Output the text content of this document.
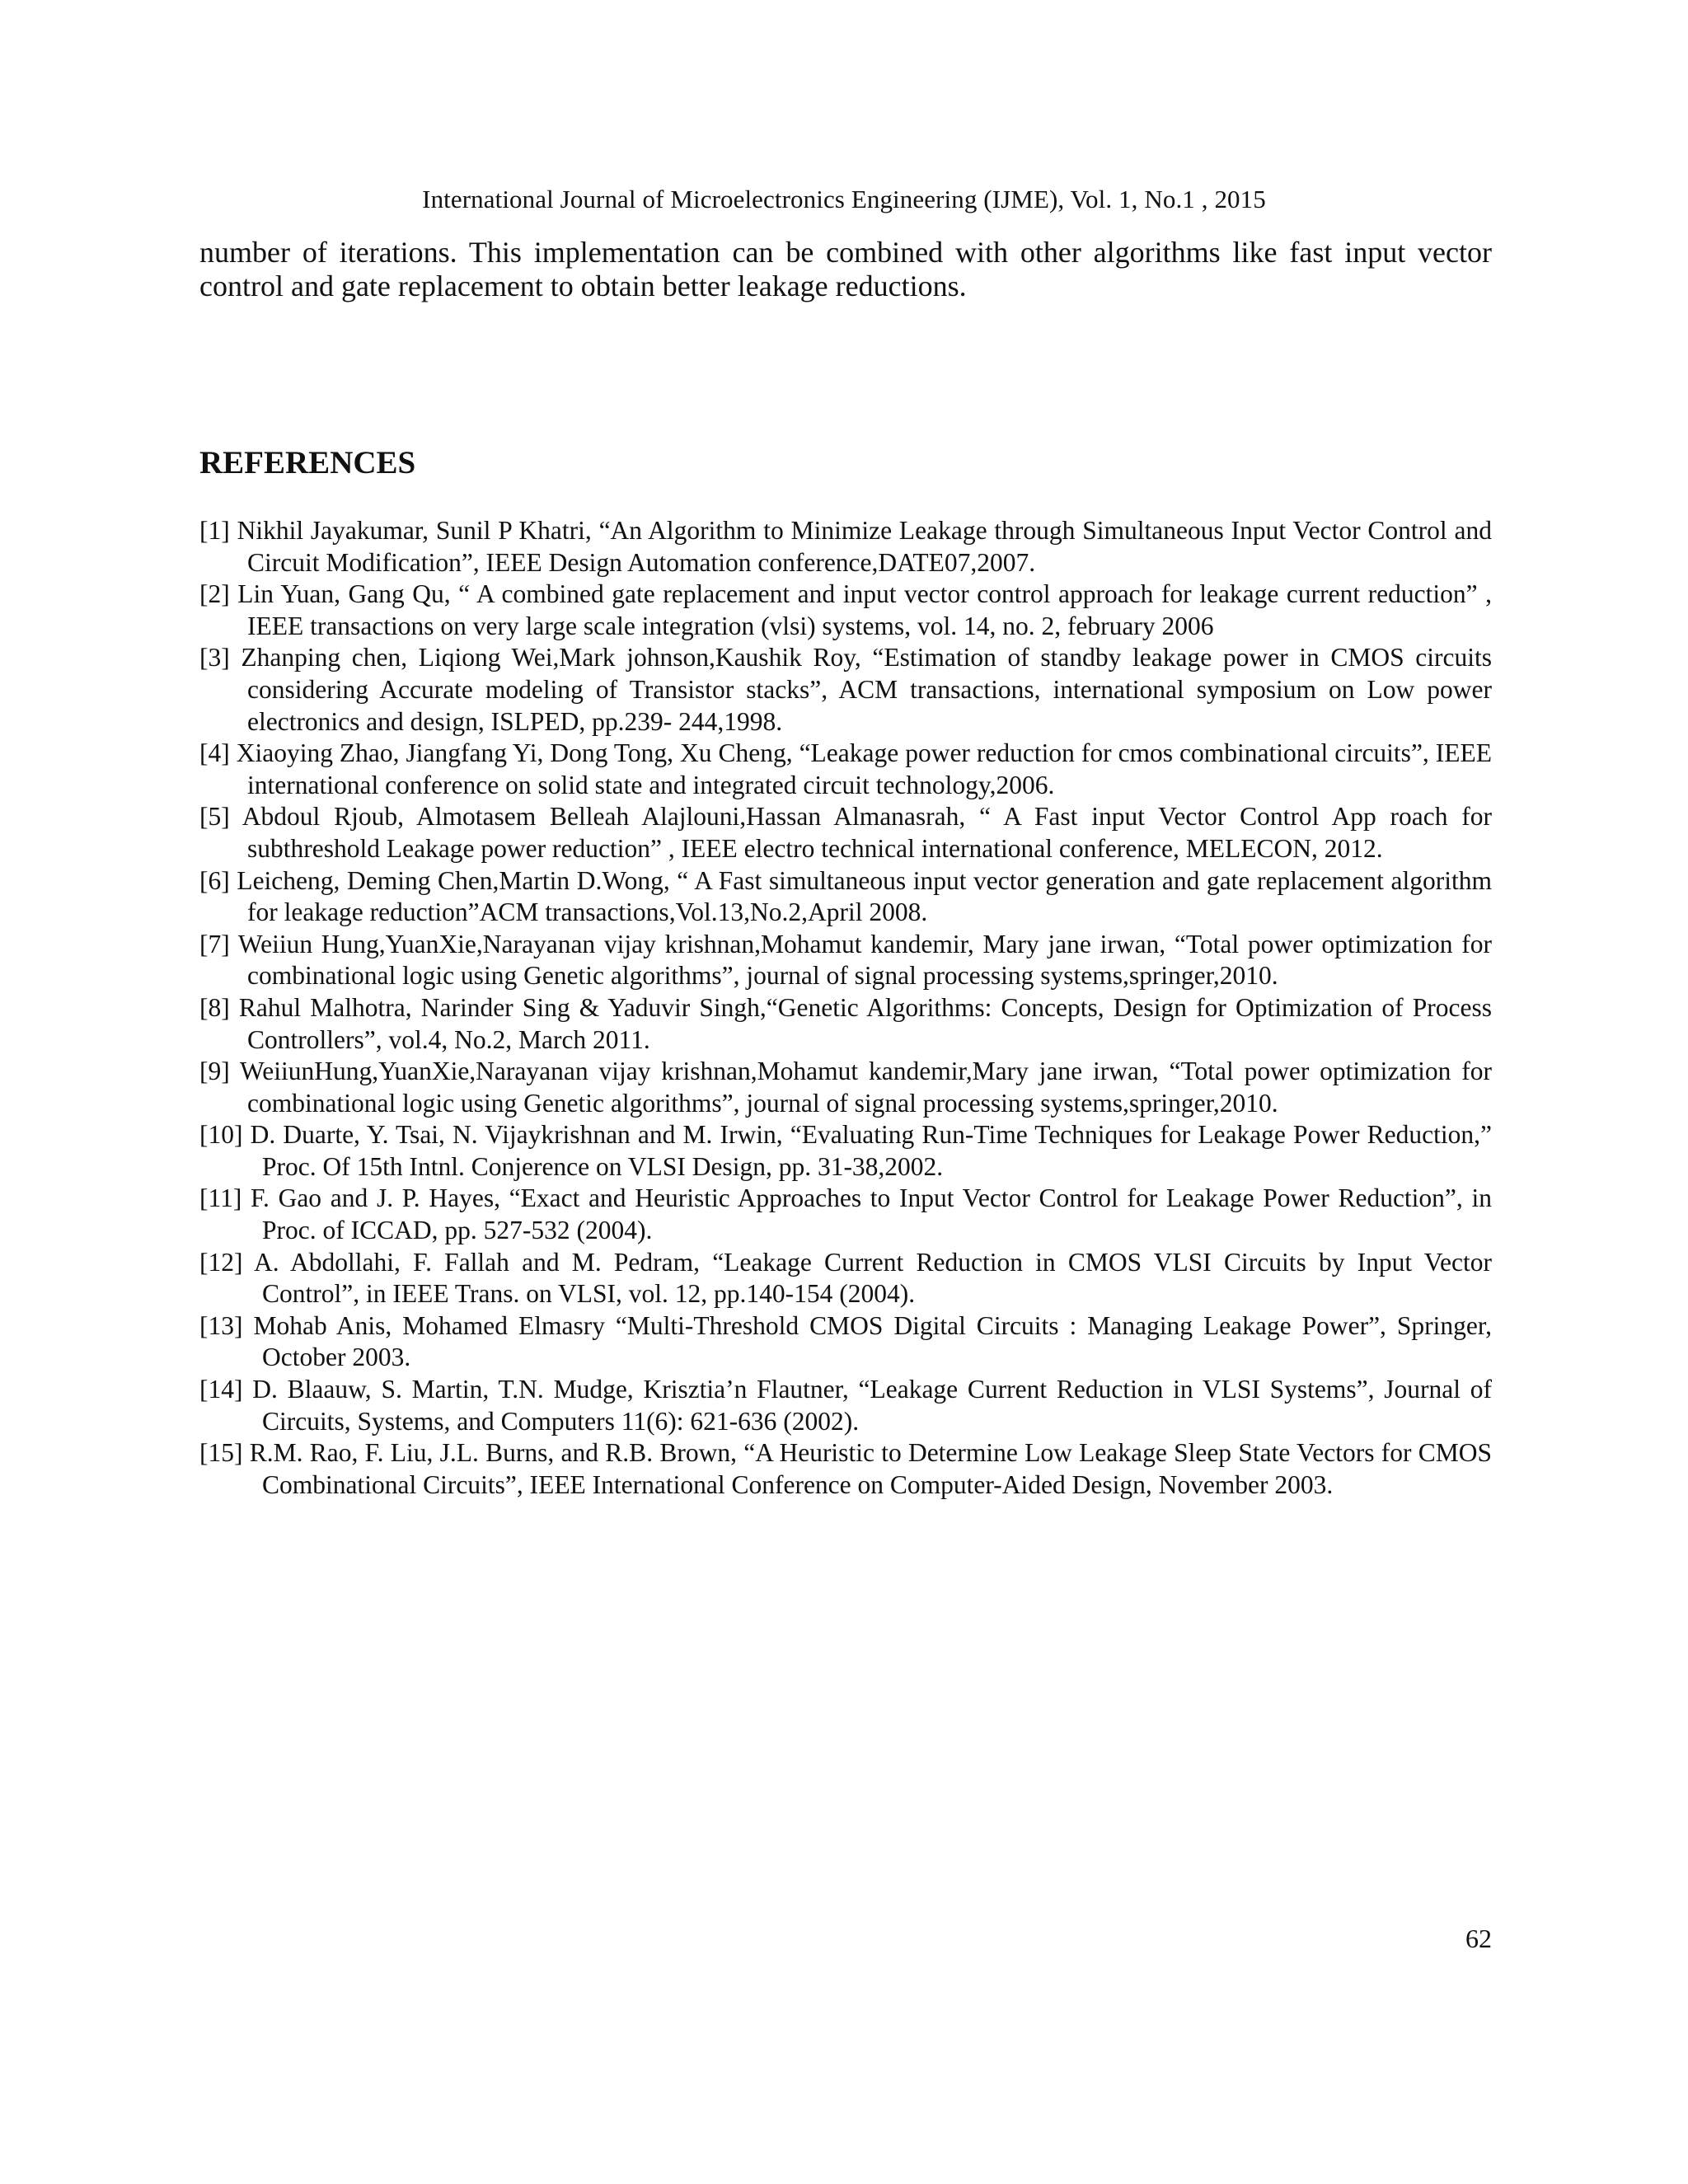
International Journal of Microelectronics Engineering (IJME), Vol. 1, No.1 , 2015

number of iterations. This implementation can be combined with other algorithms like fast input vector control and gate replacement to obtain better leakage reductions.

REFERENCES
[1] Nikhil Jayakumar, Sunil P Khatri, “An Algorithm to Minimize Leakage through Simultaneous Input Vector Control and Circuit Modification”, IEEE Design Automation conference,DATE07,2007.
[2] Lin Yuan, Gang Qu, “ A combined gate replacement and input vector control approach for leakage current reduction” , IEEE transactions on very large scale integration (vlsi) systems, vol. 14, no. 2, february 2006
[3] Zhanping chen, Liqiong Wei,Mark johnson,Kaushik Roy, “Estimation of standby leakage power in CMOS circuits considering Accurate modeling of Transistor stacks”, ACM transactions, international symposium on Low power electronics and design, ISLPED, pp.239- 244,1998.
[4] Xiaoying Zhao, Jiangfang Yi, Dong Tong, Xu Cheng, “Leakage power reduction for cmos combinational circuits”, IEEE international conference on solid state and integrated circuit technology,2006.
[5] Abdoul Rjoub, Almotasem Belleah Alajlouni,Hassan Almanasrah, “ A Fast input Vector Control App roach for subthreshold Leakage power reduction” , IEEE electro technical international conference, MELECON, 2012.
[6] Leicheng, Deming Chen,Martin D.Wong, “ A Fast simultaneous input vector generation and gate replacement algorithm for leakage reduction”ACM transactions,Vol.13,No.2,April 2008.
[7] Weiiun Hung,YuanXie,Narayanan vijay krishnan,Mohamut kandemir, Mary jane irwan, “Total power optimization for combinational logic using Genetic algorithms”, journal of signal processing systems,springer,2010.
[8] Rahul Malhotra, Narinder Sing & Yaduvir Singh,“Genetic Algorithms: Concepts, Design for Optimization of Process Controllers”, vol.4, No.2, March 2011.
[9] WeiiunHung,YuanXie,Narayanan vijay krishnan,Mohamut kandemir,Mary jane irwan, “Total power optimization for combinational logic using Genetic algorithms”, journal of signal processing systems,springer,2010.
[10] D. Duarte, Y. Tsai, N. Vijaykrishnan and M. Irwin, “Evaluating Run-Time Techniques for Leakage Power Reduction,” Proc. Of 15th Intnl. Conjerence on VLSI Design, pp. 31-38,2002.
[11] F. Gao and J. P. Hayes, “Exact and Heuristic Approaches to Input Vector Control for Leakage Power Reduction”, in Proc. of ICCAD, pp. 527-532 (2004).
[12] A. Abdollahi, F. Fallah and M. Pedram, “Leakage Current Reduction in CMOS VLSI Circuits by Input Vector Control”, in IEEE Trans. on VLSI, vol. 12, pp.140-154 (2004).
[13] Mohab Anis, Mohamed Elmasry “Multi-Threshold CMOS Digital Circuits : Managing Leakage Power”, Springer, October 2003.
[14] D. Blaauw, S. Martin, T.N. Mudge, Krisztia’n Flautner, “Leakage Current Reduction in VLSI Systems”, Journal of Circuits, Systems, and Computers 11(6): 621-636 (2002).
[15] R.M. Rao, F. Liu, J.L. Burns, and R.B. Brown, “A Heuristic to Determine Low Leakage Sleep State Vectors for CMOS Combinational Circuits”, IEEE International Conference on Computer-Aided Design, November 2003.
62
